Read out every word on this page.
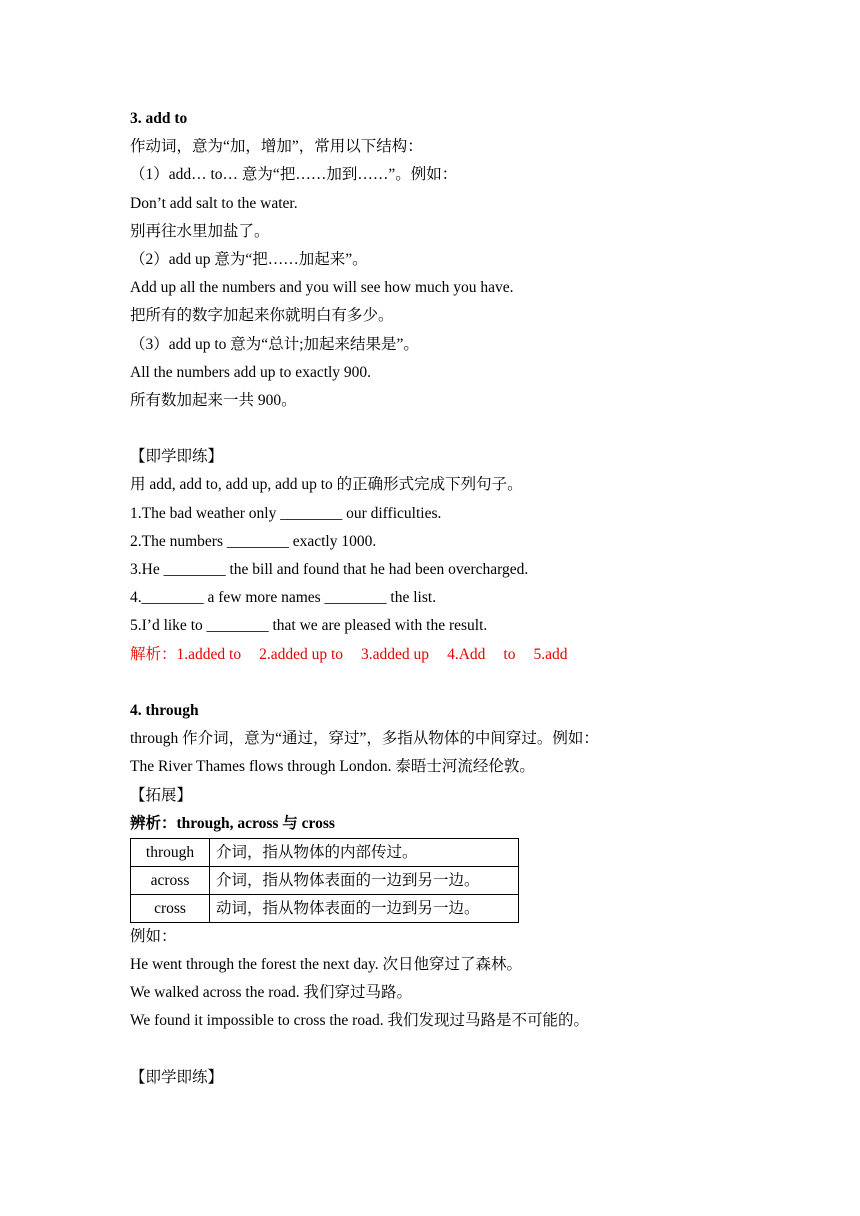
3. add to
作动词，意为“加，增加”，常用以下结构：
（1）add… to… 意为“把……加到……”。例如：
Don’t add salt to the water.
别再往水里加盐了。
（2）add up 意为“把……加起来”。
Add up all the numbers and you will see how much you have.
把所有的数字加起来你就明白有多少。
（3）add up to 意为“总计;加起来结果是”。
All the numbers add up to exactly 900.
所有数加起来一共 900。
【即学即练】
用 add, add to, add up, add up to 的正确形式完成下列句子。
1.The bad weather only ________ our difficulties.
2.The numbers ________ exactly 1000.
3.He ________ the bill and found that he had been overcharged.
4.________ a few more names ________ the list.
5.I’d like to ________ that we are pleased with the result.
解析：1.added to 2.added up to 3.added up 4.Add to 5.add
4. through
through 作介词，意为“通过，穿过”，多指从物体的中间穿过。例如：
The River Thames flows through London. 泰晤士河流经伦敦。
【拓展】
辨析：through, across 与 cross
through	介词，指从物体的内部传过。
across	介词，指从物体表面的一边到另一边。
cross	动词，指从物体表面的一边到另一边。
例如：
He went through the forest the next day. 次日他穿过了森林。
We walked across the road. 我们穿过马路。
We found it impossible to cross the road. 我们发现过马路是不可能的。
【即学即练】
